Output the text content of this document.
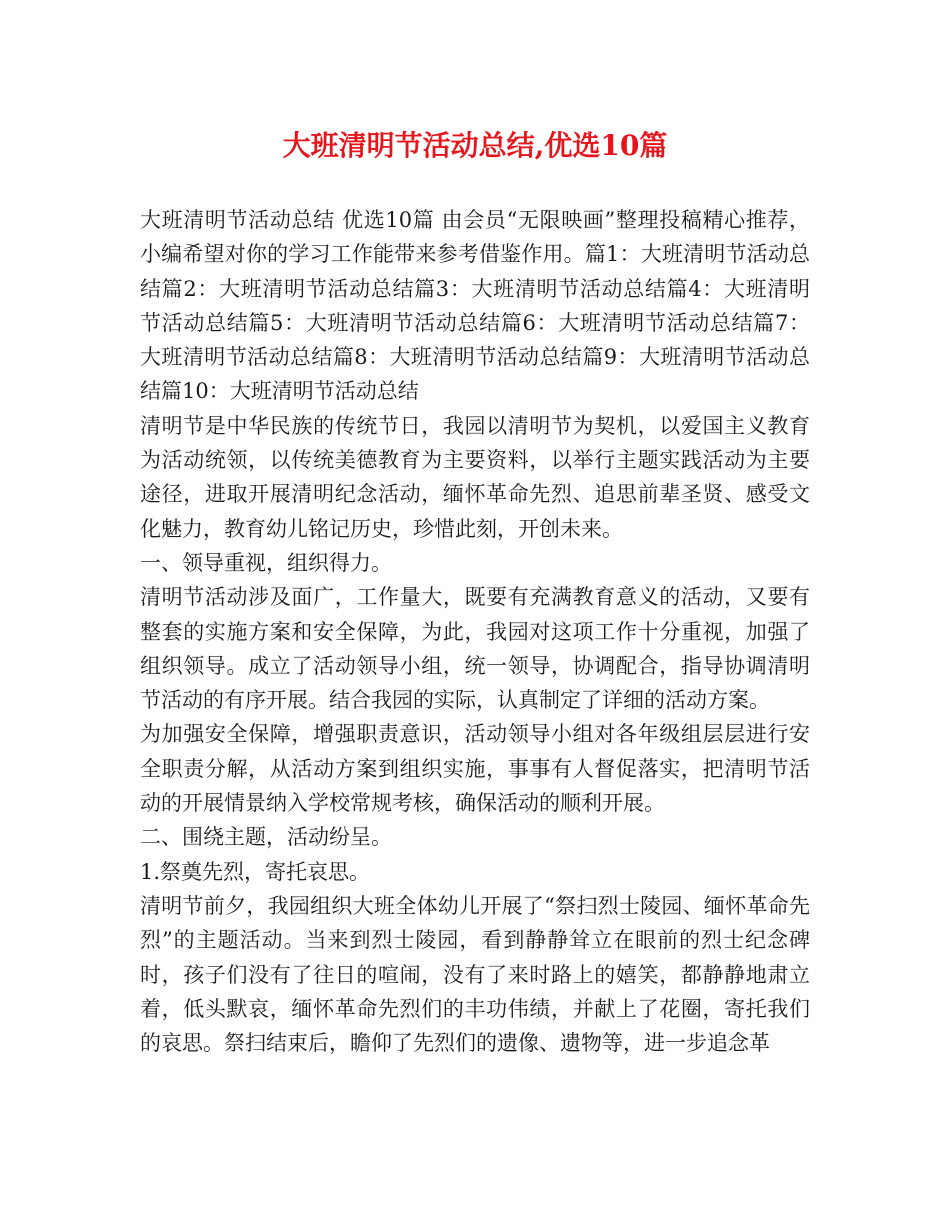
大班清明节活动总结,优选10篇

大班清明节活动总结 优选10篇 由会员“无限映画”整理投稿精心推荐，小编希望对你的学习工作能带来参考借鉴作用。篇1：大班清明节活动总结篇2：大班清明节活动总结篇3：大班清明节活动总结篇4：大班清明节活动总结篇5：大班清明节活动总结篇6：大班清明节活动总结篇7：大班清明节活动总结篇8：大班清明节活动总结篇9：大班清明节活动总结篇10：大班清明节活动总结

清明节是中华民族的传统节日，我园以清明节为契机，以爱国主义教育为活动统领，以传统美德教育为主要资料，以举行主题实践活动为主要途径，进取开展清明纪念活动，缅怀革命先烈、追思前辈圣贤、感受文化魅力，教育幼儿铭记历史，珍惜此刻，开创未来。

一、领导重视，组织得力。

清明节活动涉及面广，工作量大，既要有充满教育意义的活动，又要有整套的实施方案和安全保障，为此，我园对这项工作十分重视，加强了组织领导。成立了活动领导小组，统一领导，协调配合，指导协调清明节活动的有序开展。结合我园的实际，认真制定了详细的活动方案。

为加强安全保障，增强职责意识，活动领导小组对各年级组层层进行安全职责分解，从活动方案到组织实施，事事有人督促落实，把清明节活动的开展情景纳入学校常规考核，确保活动的顺利开展。

二、围绕主题，活动纷呈。

1.祭奠先烈，寄托哀思。

清明节前夕，我园组织大班全体幼儿开展了“祭扫烈士陵园、缅怀革命先烈”的主题活动。当来到烈士陵园，看到静静耸立在眼前的烈士纪念碑时，孩子们没有了往日的喧闹，没有了来时路上的嬉笑，都静静地肃立着，低头默哀，缅怀革命先烈们的丰功伟绩，并献上了花圈，寄托我们的哀思。祭扫结束后，瞻仰了先烈们的遗像、遗物等，进一步追念革
